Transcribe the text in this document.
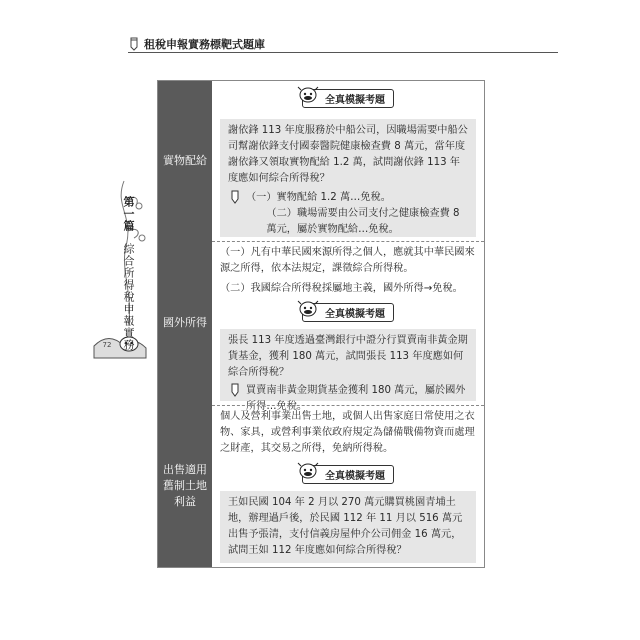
租稅申報實務標靶式題庫
第一篇 綜合所得稅申報實務
72
實物配給
全真模擬考題
謝依鋒 113 年度服務於中船公司，因職場需要中船公司幫謝依鋒支付國泰醫院健康檢查費 8 萬元，當年度謝依鋒又領取實物配給 1.2 萬，試問謝依鋒 113 年度應如何綜合所得稅？
（一）實物配給 1.2 萬…免稅。
（二）職場需要由公司支付之健康檢查費 8 萬元，屬於實物配給…免稅。
國外所得
（一）凡有中華民國來源所得之個人，應就其中華民國來源之所得，依本法規定，課徵綜合所得稅。
（二）我國綜合所得稅採屬地主義，國外所得→免稅。
全真模擬考題
張長 113 年度透過臺灣銀行中證分行買賣南非黃金期貨基金，獲利 180 萬元，試問張長 113 年度應如何綜合所得稅？
買賣南非黃金期貨基金獲利 180 萬元，屬於國外所得…免稅。
出售適用舊制土地利益
個人及營利事業出售土地，或個人出售家庭日常使用之衣物、家具，或營利事業依政府規定為儲備戰備物資而處理之財產，其交易之所得，免納所得稅。
全真模擬考題
王如民國 104 年 2 月以 270 萬元購買桃園青埔土地，辦理過戶後，於民國 112 年 11 月以 516 萬元出售予張清，支付信義房屋仲介公司佣金 16 萬元，試問王如 112 年度應如何綜合所得稅？
